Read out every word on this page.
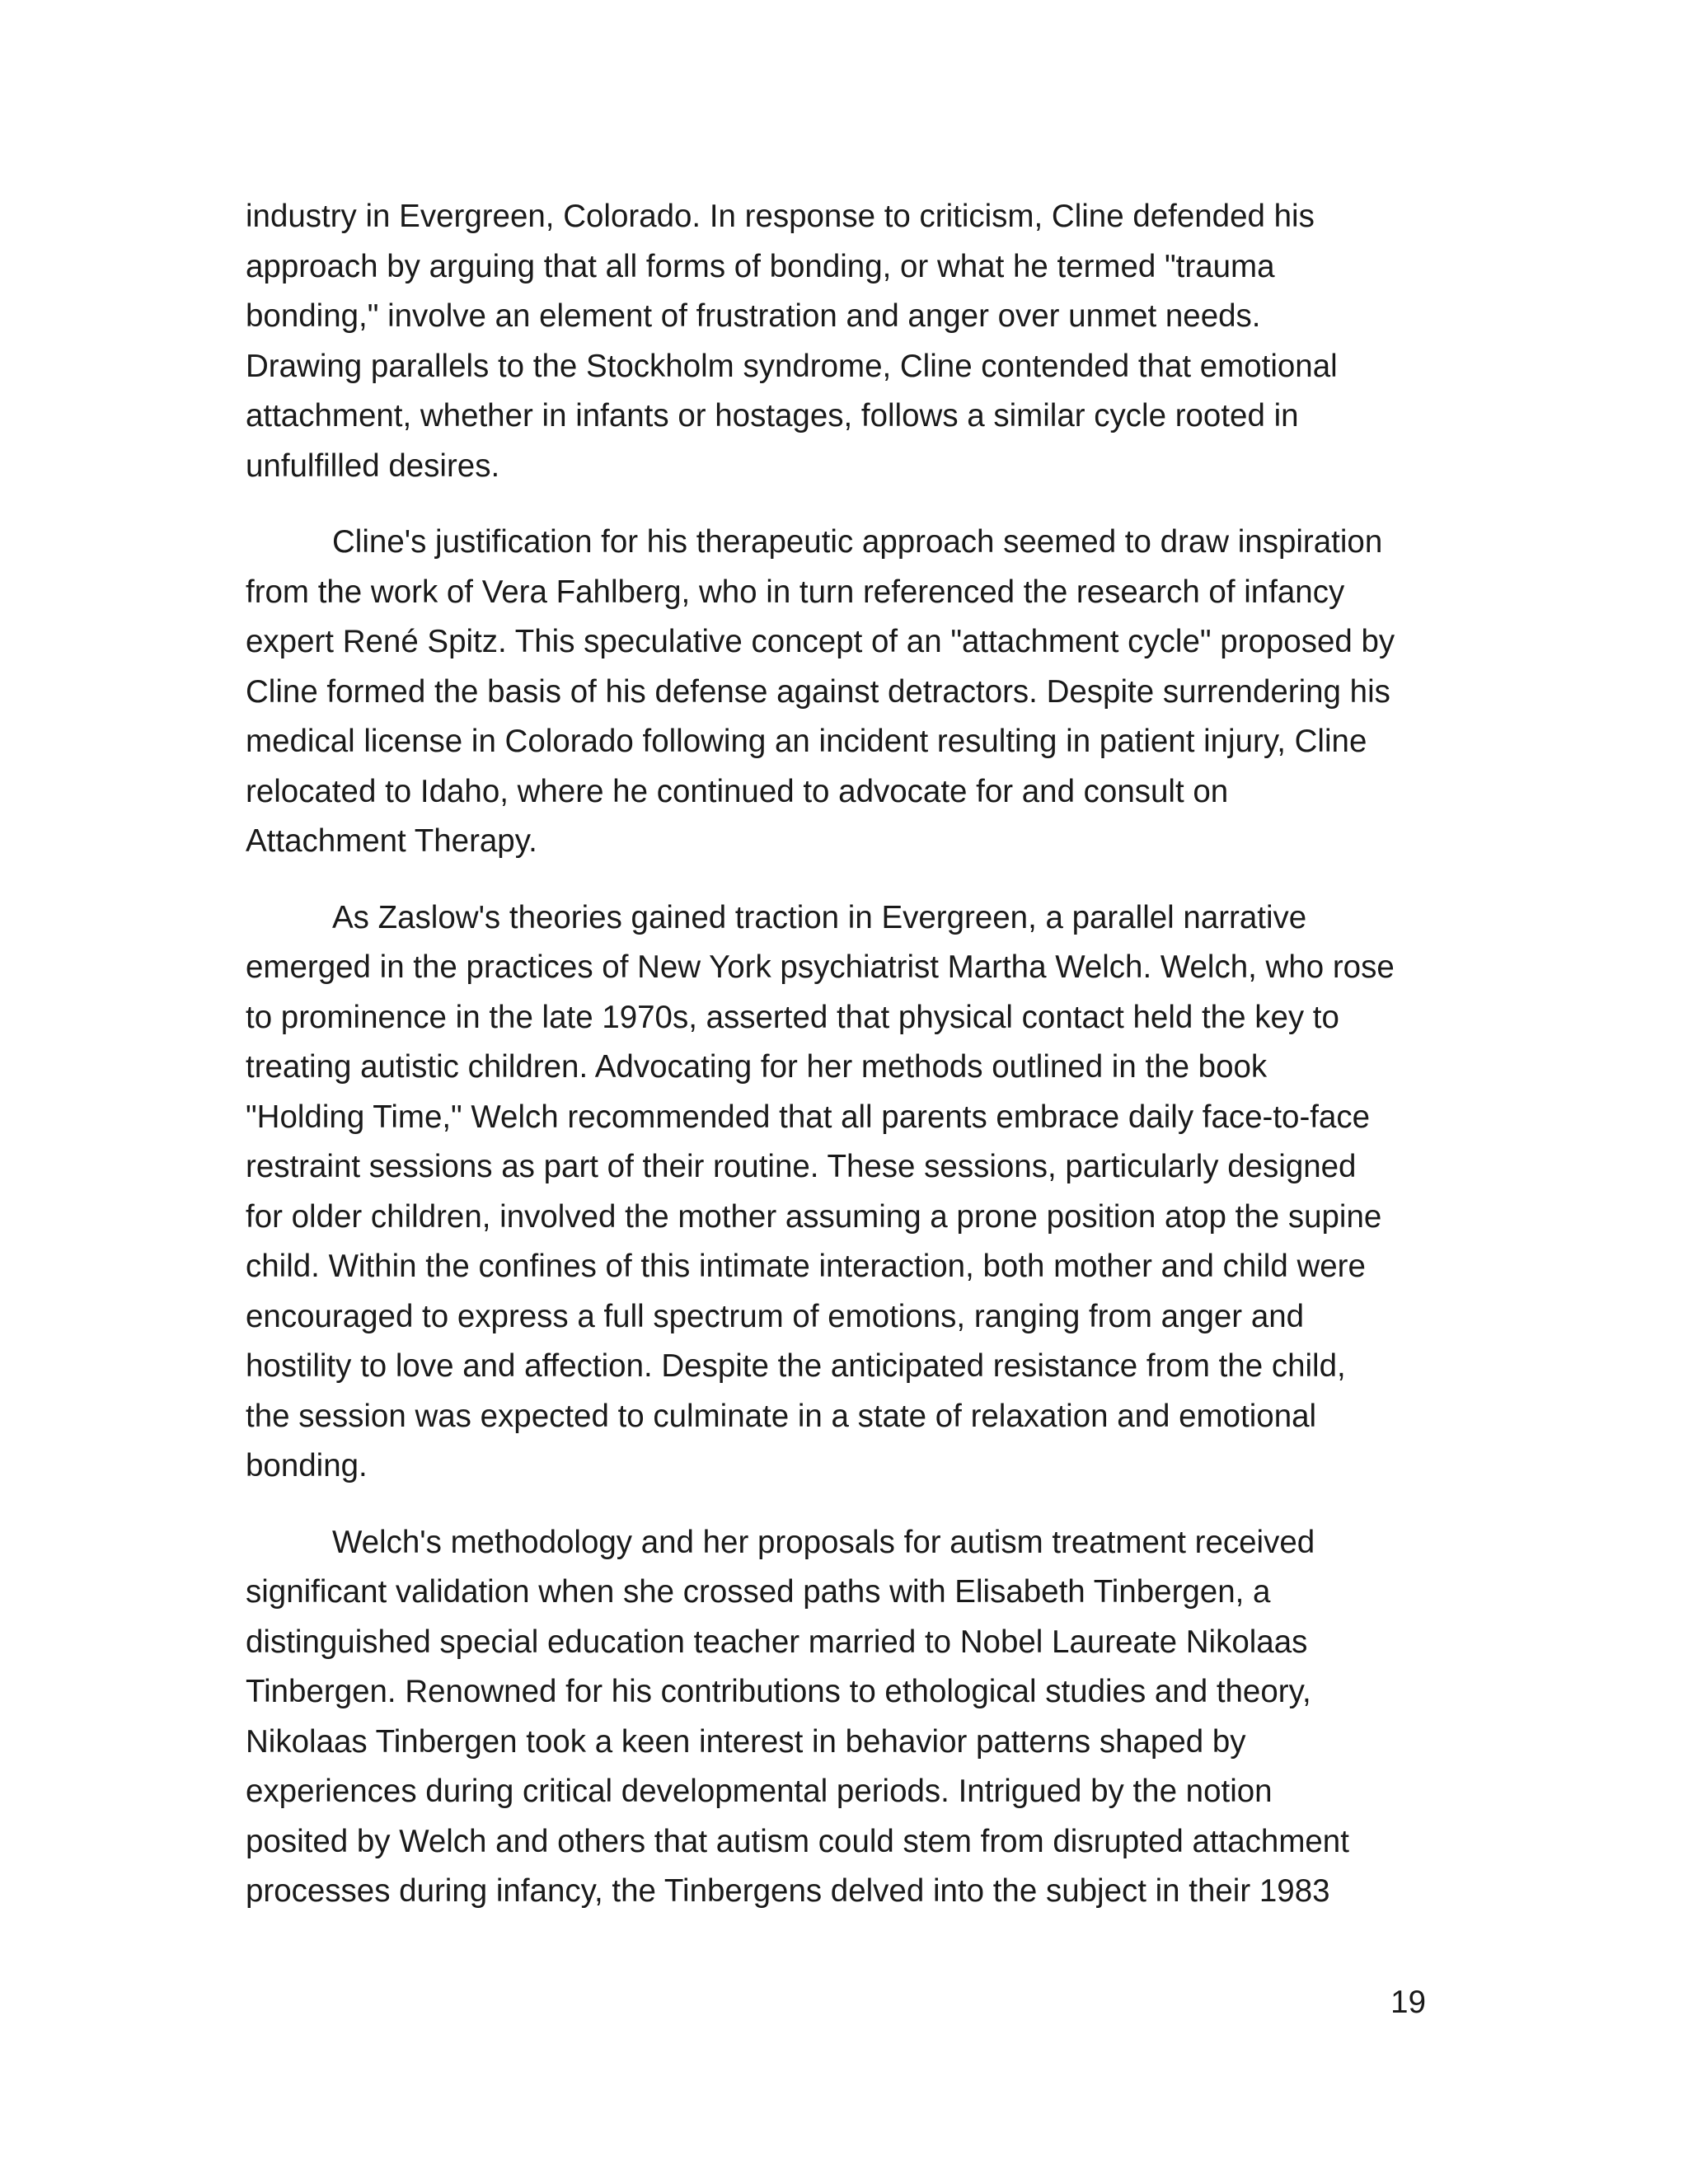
industry in Evergreen, Colorado. In response to criticism, Cline defended his
approach by arguing that all forms of bonding, or what he termed "trauma
bonding," involve an element of frustration and anger over unmet needs.
Drawing parallels to the Stockholm syndrome, Cline contended that emotional
attachment, whether in infants or hostages, follows a similar cycle rooted in
unfulfilled desires.
Cline's justification for his therapeutic approach seemed to draw inspiration
from the work of Vera Fahlberg, who in turn referenced the research of infancy
expert René Spitz. This speculative concept of an "attachment cycle" proposed by
Cline formed the basis of his defense against detractors. Despite surrendering his
medical license in Colorado following an incident resulting in patient injury, Cline
relocated to Idaho, where he continued to advocate for and consult on
Attachment Therapy.
As Zaslow's theories gained traction in Evergreen, a parallel narrative
emerged in the practices of New York psychiatrist Martha Welch. Welch, who rose
to prominence in the late 1970s, asserted that physical contact held the key to
treating autistic children. Advocating for her methods outlined in the book
"Holding Time," Welch recommended that all parents embrace daily face-to-face
restraint sessions as part of their routine. These sessions, particularly designed
for older children, involved the mother assuming a prone position atop the supine
child. Within the confines of this intimate interaction, both mother and child were
encouraged to express a full spectrum of emotions, ranging from anger and
hostility to love and affection. Despite the anticipated resistance from the child,
the session was expected to culminate in a state of relaxation and emotional
bonding.
Welch's methodology and her proposals for autism treatment received
significant validation when she crossed paths with Elisabeth Tinbergen, a
distinguished special education teacher married to Nobel Laureate Nikolaas
Tinbergen. Renowned for his contributions to ethological studies and theory,
Nikolaas Tinbergen took a keen interest in behavior patterns shaped by
experiences during critical developmental periods. Intrigued by the notion
posited by Welch and others that autism could stem from disrupted attachment
processes during infancy, the Tinbergens delved into the subject in their 1983
19
